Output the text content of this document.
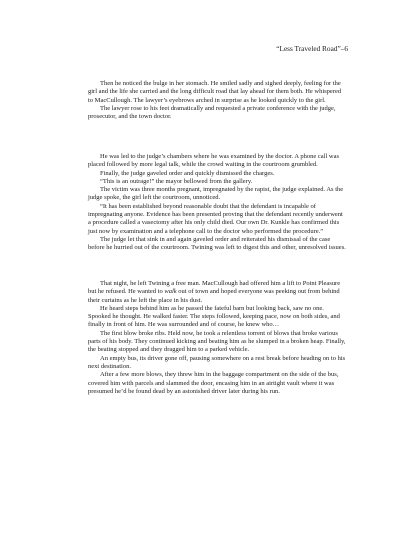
“Less Traveled Road”–6

Then he noticed the bulge in her stomach. He smiled sadly and sighed deeply, feeling for the girl and the life she carried and the long difficult road that lay ahead for them both. He whispered to MacCullough. The lawyer’s eyebrows arched in surprise as he looked quickly to the girl.

The lawyer rose to his feet dramatically and requested a private conference with the judge, prosecutor, and the town doctor.

He was led to the judge’s chambers where he was examined by the doctor. A phone call was placed followed by more legal talk, while the crowd waiting in the courtroom grumbled.

Finally, the judge gaveled order and quickly dismissed the charges.

“This is an outrage!” the mayor bellowed from the gallery.

The victim was three months pregnant, impregnated by the rapist, the judge explained. As the judge spoke, the girl left the courtroom, unnoticed.

“It has been established beyond reasonable doubt that the defendant is incapable of impregnating anyone. Evidence has been presented proving that the defendant recently underwent a procedure called a vasectomy after his only child died. Our own Dr. Kunkle has confirmed this just now by examination and a telephone call to the doctor who performed the procedure.”

The judge let that sink in and again gaveled order and reiterated his dismissal of the case before he hurried out of the courtroom. Twining was left to digest this and other, unresolved issues.

That night, he left Twining a free man. MacCullough had offered him a lift to Point Pleasure but he refused. He wanted to walk out of town and hoped everyone was peeking out from behind their curtains as he left the place in his dust.

He heard steps behind him as he passed the fateful barn but looking back, saw no one. Spooked he thought. He walked faster. The steps followed, keeping pace, now on both sides, and finally in front of him. He was surrounded and of course, he knew who…

The first blow broke ribs. Held now, he took a relentless torrent of blows that broke various parts of his body. They continued kicking and beating him as he slumped in a broken heap. Finally, the beating stopped and they dragged him to a parked vehicle.

An empty bus, its driver gone off, pausing somewhere on a rest break before heading on to his next destination.

After a few more blows, they threw him in the baggage compartment on the side of the bus, covered him with parcels and slammed the door, encasing him in an airtight vault where it was presumed he’d be found dead by an astonished driver later during his run.
